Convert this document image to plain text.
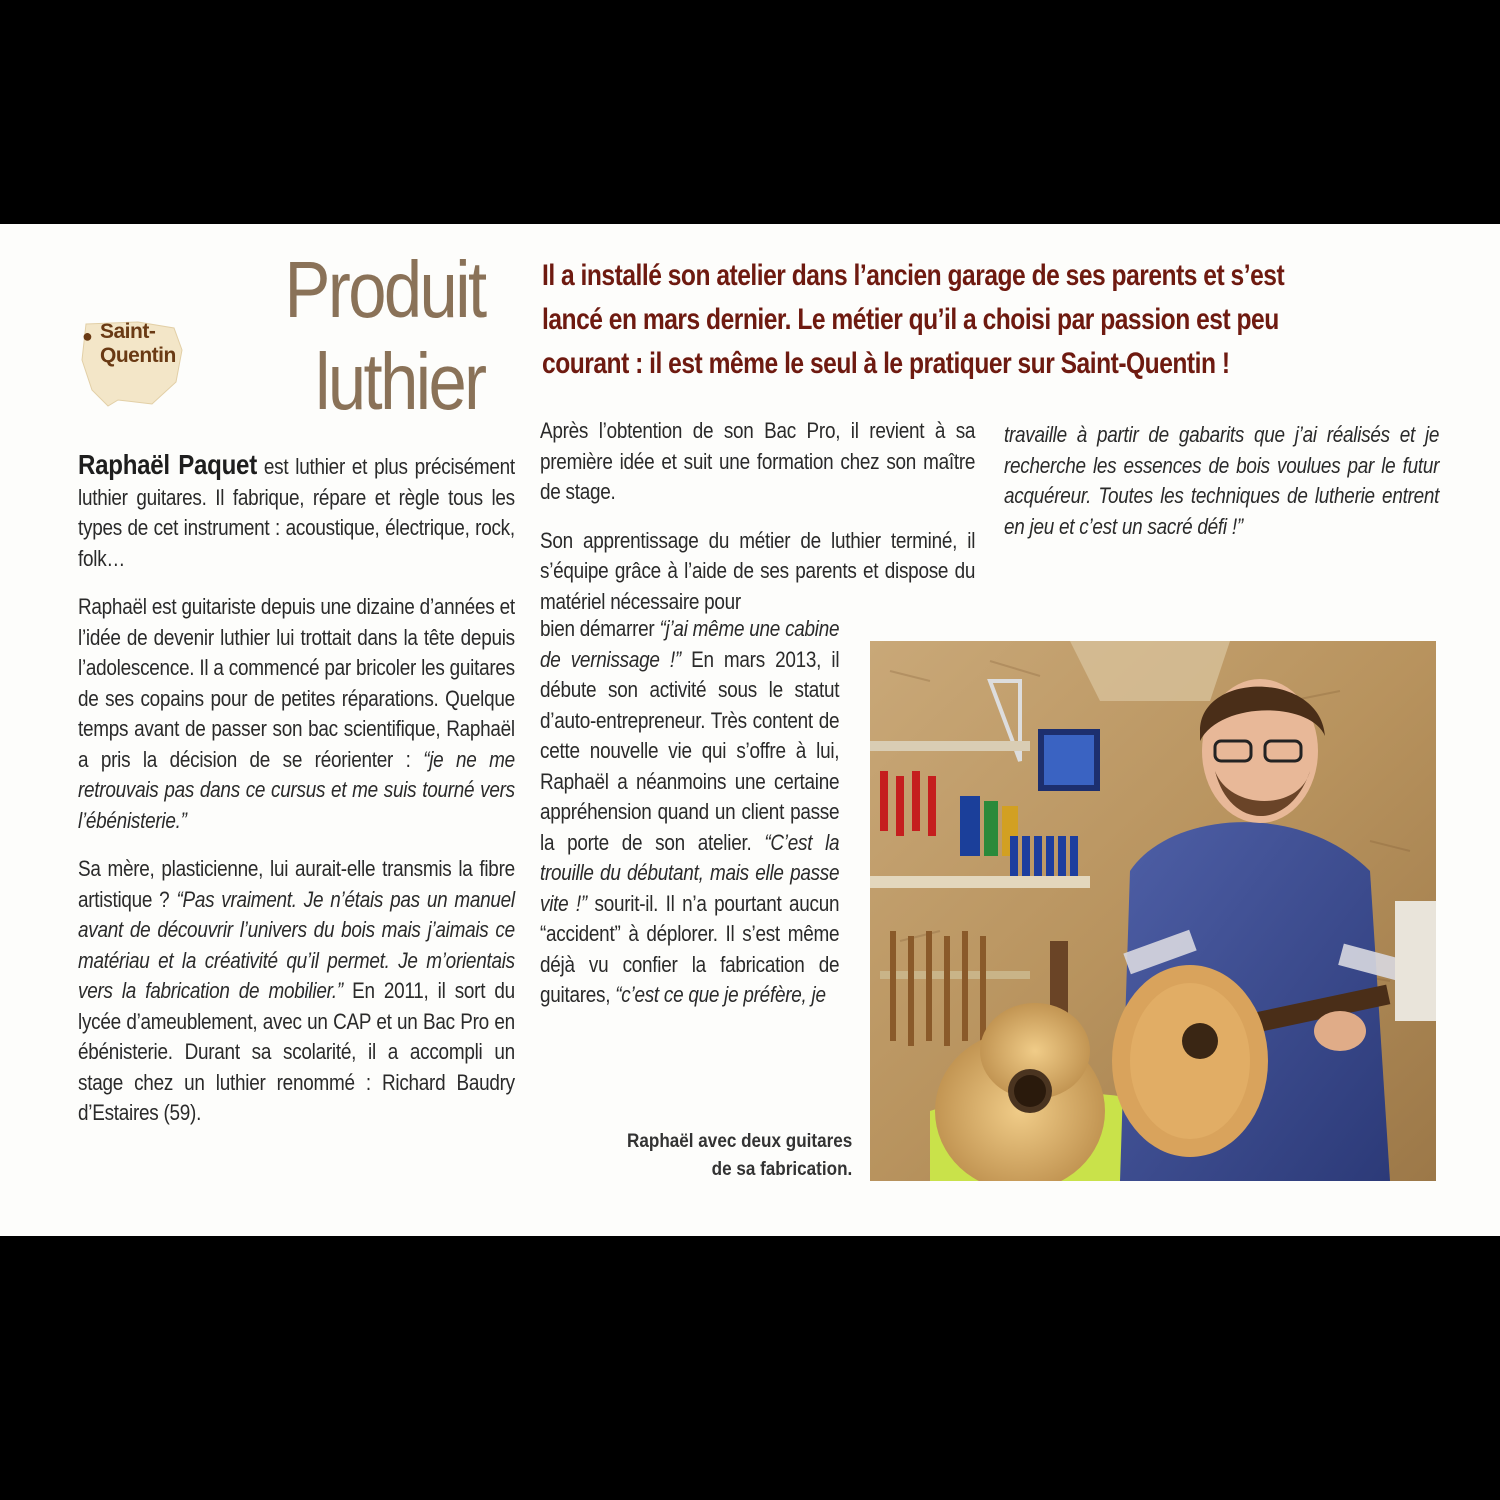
● Saint-
Quentin
Produit
luthier
Il a installé son atelier dans l’ancien garage de ses parents et s’est lancé en mars dernier. Le métier qu’il a choisi par passion est peu courant : il est même le seul à le pratiquer sur Saint-Quentin !

Raphaël Paquet est luthier et plus précisément luthier guitares. Il fabrique, répare et règle tous les types de cet instrument : acoustique, électrique, rock, folk…

Raphaël est guitariste depuis une dizaine d’années et l’idée de devenir luthier lui trottait dans la tête depuis l’adolescence. Il a commencé par bricoler les guitares de ses copains pour de petites réparations. Quelque temps avant de passer son bac scientifique, Raphaël a pris la décision de se réorienter : “je ne me retrouvais pas dans ce cursus et me suis tourné vers l’ébénisterie.”

Sa mère, plasticienne, lui aurait-elle transmis la fibre artistique ? “Pas vraiment. Je n’étais pas un manuel avant de découvrir l’univers du bois mais j’aimais ce matériau et la créativité qu’il permet. Je m’orientais vers la fabrication de mobilier.” En 2011, il sort du lycée d’ameublement, avec un CAP et un Bac Pro en ébénisterie. Durant sa scolarité, il a accompli un stage chez un luthier renommé : Richard Baudry d’Estaires (59).

Après l’obtention de son Bac Pro, il revient à sa première idée et suit une formation chez son maître de stage.

Son apprentissage du métier de luthier terminé, il s’équipe grâce à l’aide de ses parents et dispose du matériel nécessaire pour

bien démarrer “j’ai même une cabine de vernissage !” En mars 2013, il débute son activité sous le statut d’auto-entrepreneur. Très content de cette nouvelle vie qui s’offre à lui, Raphaël a néanmoins une certaine appréhension quand un client passe la porte de son atelier. “C’est la trouille du débutant, mais elle passe vite !” sourit-il. Il n’a pourtant aucun “accident” à déplorer. Il s’est même déjà vu confier la fabrication de guitares, “c’est ce que je préfère, je

travaille à partir de gabarits que j’ai réalisés et je recherche les essences de bois voulues par le futur acquéreur. Toutes les techniques de lutherie entrent en jeu et c’est un sacré défi !”

Raphaël avec deux guitares
de sa fabrication.
